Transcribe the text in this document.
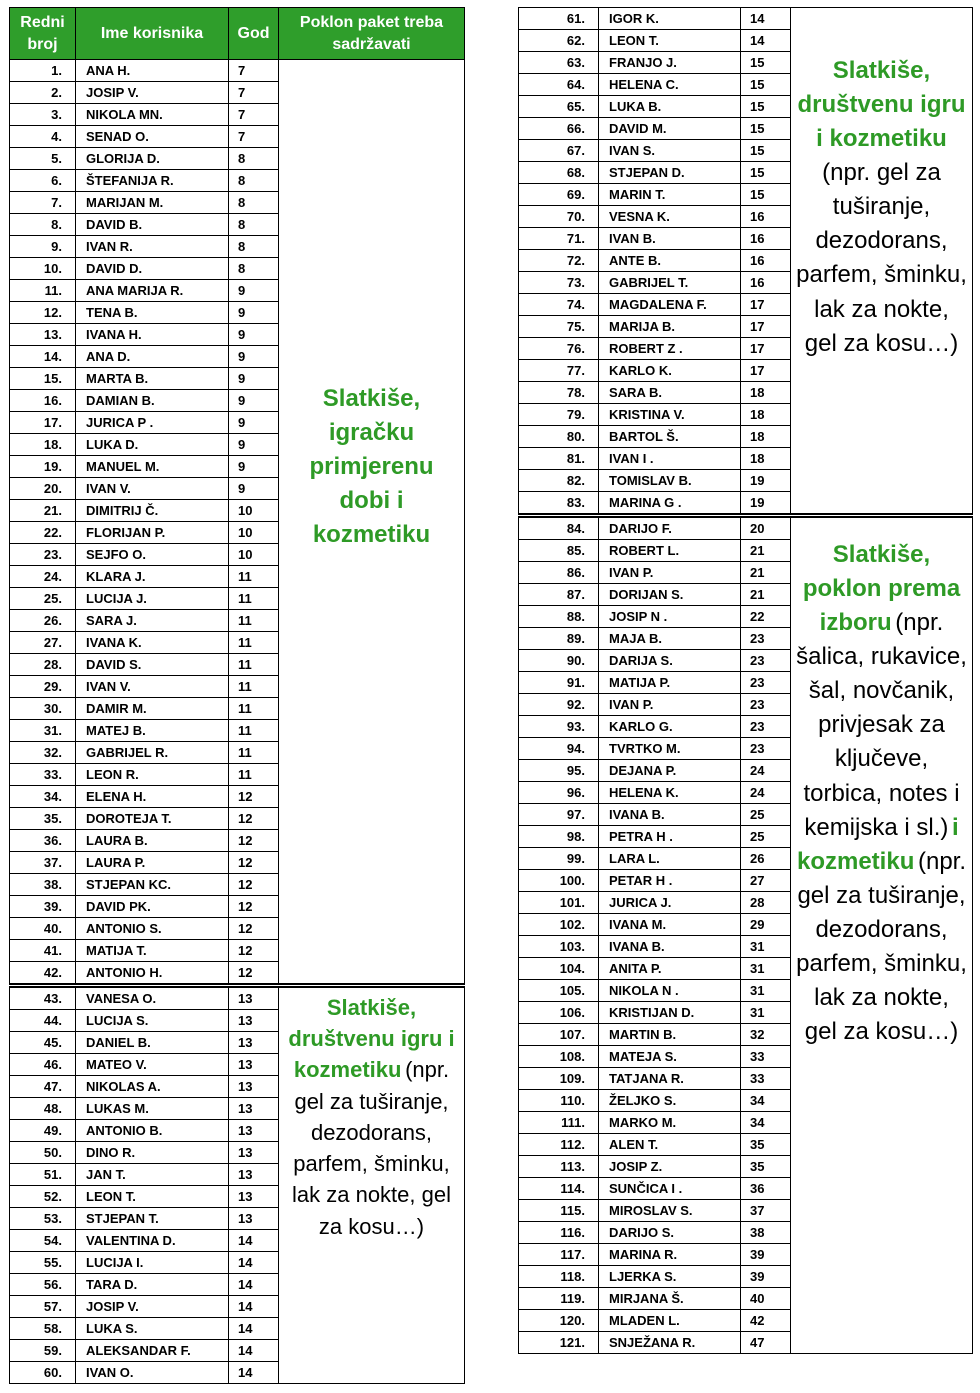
Redni broj	Ime korisnika	God	Poklon paket treba sadržavati
1.	ANA H.	7	Slatkiše, igračku primjerenu dobi i kozmetiku
2.	JOSIP V.	7	
3.	NIKOLA MN.	7	
4.	SENAD O.	7	
5.	GLORIJA D.	8	
6.	ŠTEFANIJA R.	8	
7.	MARIJAN M.	8	
8.	DAVID B.	8	
9.	IVAN R.	8	
10.	DAVID D.	8	
11.	ANA MARIJA R.	9	
12.	TENA B.	9	
13.	IVANA H.	9	
14.	ANA D.	9	
15.	MARTA B.	9	
16.	DAMIAN B.	9	
17.	JURICA P .	9	
18.	LUKA D.	9	
19.	MANUEL M.	9	
20.	IVAN V.	9	
21.	DIMITRIJ Č.	10	
22.	FLORIJAN P.	10	
23.	SEJFO O.	10	
24.	KLARA J.	11	
25.	LUCIJA J.	11	
26.	SARA J.	11	
27.	IVANA K.	11	
28.	DAVID S.	11	
29.	IVAN V.	11	
30.	DAMIR M.	11	
31.	MATEJ B.	11	
32.	GABRIJEL R.	11	
33.	LEON R.	11	
34.	ELENA H.	12	
35.	DOROTEJA T.	12	
36.	LAURA B.	12	
37.	LAURA P.	12	
38.	STJEPAN KC.	12	
39.	DAVID PK.	12	
40.	ANTONIO S.	12	
41.	MATIJA T.	12	
42.	ANTONIO H.	12	
43.	VANESA O.	13	Slatkiše, društvenu igru i kozmetiku (npr. gel za tuširanje, dezodorans, parfem, šminku, lak za nokte, gel za kosu…)
44.	LUCIJA S.	13	
45.	DANIEL B.	13	
46.	MATEO V.	13	
47.	NIKOLAS A.	13	
48.	LUKAS M.	13	
49.	ANTONIO B.	13	
50.	DINO R.	13	
51.	JAN T.	13	
52.	LEON T.	13	
53.	STJEPAN T.	13	
54.	VALENTINA D.	14	
55.	LUCIJA I.	14	
56.	TARA D.	14	
57.	JOSIP V.	14	
58.	LUKA S.	14	
59.	ALEKSANDAR F.	14	
60.	IVAN O.	14	
61.	IGOR K.	14	Slatkiše, društvenu igru i kozmetiku (npr. gel za tuširanje, dezodorans, parfem, šminku, lak za nokte, gel za kosu…)
62.	LEON T.	14	
63.	FRANJO J.	15	
64.	HELENA C.	15	
65.	LUKA B.	15	
66.	DAVID M.	15	
67.	IVAN S.	15	
68.	STJEPAN D.	15	
69.	MARIN T.	15	
70.	VESNA K.	16	
71.	IVAN B.	16	
72.	ANTE B.	16	
73.	GABRIJEL T.	16	
74.	MAGDALENA F.	17	
75.	MARIJA B.	17	
76.	ROBERT Z .	17	
77.	KARLO K.	17	
78.	SARA B.	18	
79.	KRISTINA V.	18	
80.	BARTOL Š.	18	
81.	IVAN I .	18	
82.	TOMISLAV B.	19	
83.	MARINA G .	19	
84.	DARIJO F.	20	Slatkiše, poklon prema izboru (npr. šalica, rukavice, šal, novčanik, privjesak za ključeve, torbica, notes i kemijska i sl.) i kozmetiku (npr. gel za tuširanje, dezodorans, parfem, šminku, lak za nokte, gel za kosu…)
85.	ROBERT L.	21	
86.	IVAN P.	21	
87.	DORIJAN S.	21	
88.	JOSIP N .	22	
89.	MAJA B.	23	
90.	DARIJA S.	23	
91.	MATIJA P.	23	
92.	IVAN P.	23	
93.	KARLO G.	23	
94.	TVRTKO M.	23	
95.	DEJANA P.	24	
96.	HELENA K.	24	
97.	IVANA B.	25	
98.	PETRA H .	25	
99.	LARA L.	26	
100.	PETAR H .	27	
101.	JURICA J.	28	
102.	IVANA M.	29	
103.	IVANA B.	31	
104.	ANITA P.	31	
105.	NIKOLA N .	31	
106.	KRISTIJAN D.	31	
107.	MARTIN B.	32	
108.	MATEJA S.	33	
109.	TATJANA R.	33	
110.	ŽELJKO S.	34	
111.	MARKO M.	34	
112.	ALEN T.	35	
113.	JOSIP Z.	35	
114.	SUNČICA I .	36	
115.	MIROSLAV S.	37	
116.	DARIJO S.	38	
117.	MARINA R.	39	
118.	LJERKA S.	39	
119.	MIRJANA Š.	40	
120.	MLADEN L.	42	
121.	SNJEŽANA R.	47	
